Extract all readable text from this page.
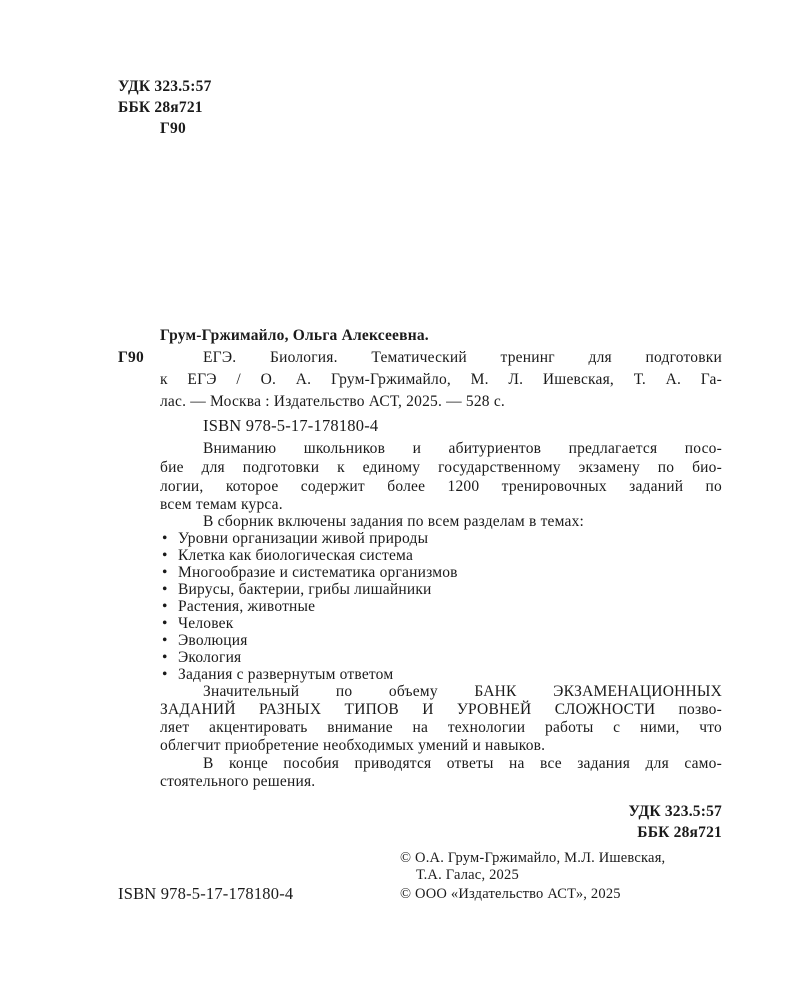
УДК 323.5:57
ББК 28я721
Г90
Грум-Гржимайло, Ольга Алексеевна.
Г90	ЕГЭ. Биология. Тематический тренинг для подготовки
к ЕГЭ / О. А. Грум-Гржимайло, М. Л. Ишевская, Т. А. Га-
лас. — Москва : Издательство АСТ, 2025. — 528 с.
ISBN 978-5-17-178180-4
Вниманию школьников и абитуриентов предлагается посо-
бие для подготовки к единому государственному экзамену по био-
логии, которое содержит более 1200 тренировочных заданий по
всем темам курса.
В сборник включены задания по всем разделам в темах:
• Уровни организации живой природы
• Клетка как биологическая система
• Многообразие и систематика организмов
• Вирусы, бактерии, грибы лишайники
• Растения, животные
• Человек
• Эволюция
• Экология
• Задания с развернутым ответом
Значительный по объему БАНК ЭКЗАМЕНАЦИОННЫХ
ЗАДАНИЙ РАЗНЫХ ТИПОВ И УРОВНЕЙ СЛОЖНОСТИ позво-
ляет акцентировать внимание на технологии работы с ними, что
облегчит приобретение необходимых умений и навыков.
В конце пособия приводятся ответы на все задания для само-
стоятельного решения.
УДК 323.5:57
ББК 28я721
© О.А. Грум-Гржимайло, М.Л. Ишевская,
Т.А. Галас, 2025
ISBN 978-5-17-178180-4	© ООО «Издательство АСТ», 2025
